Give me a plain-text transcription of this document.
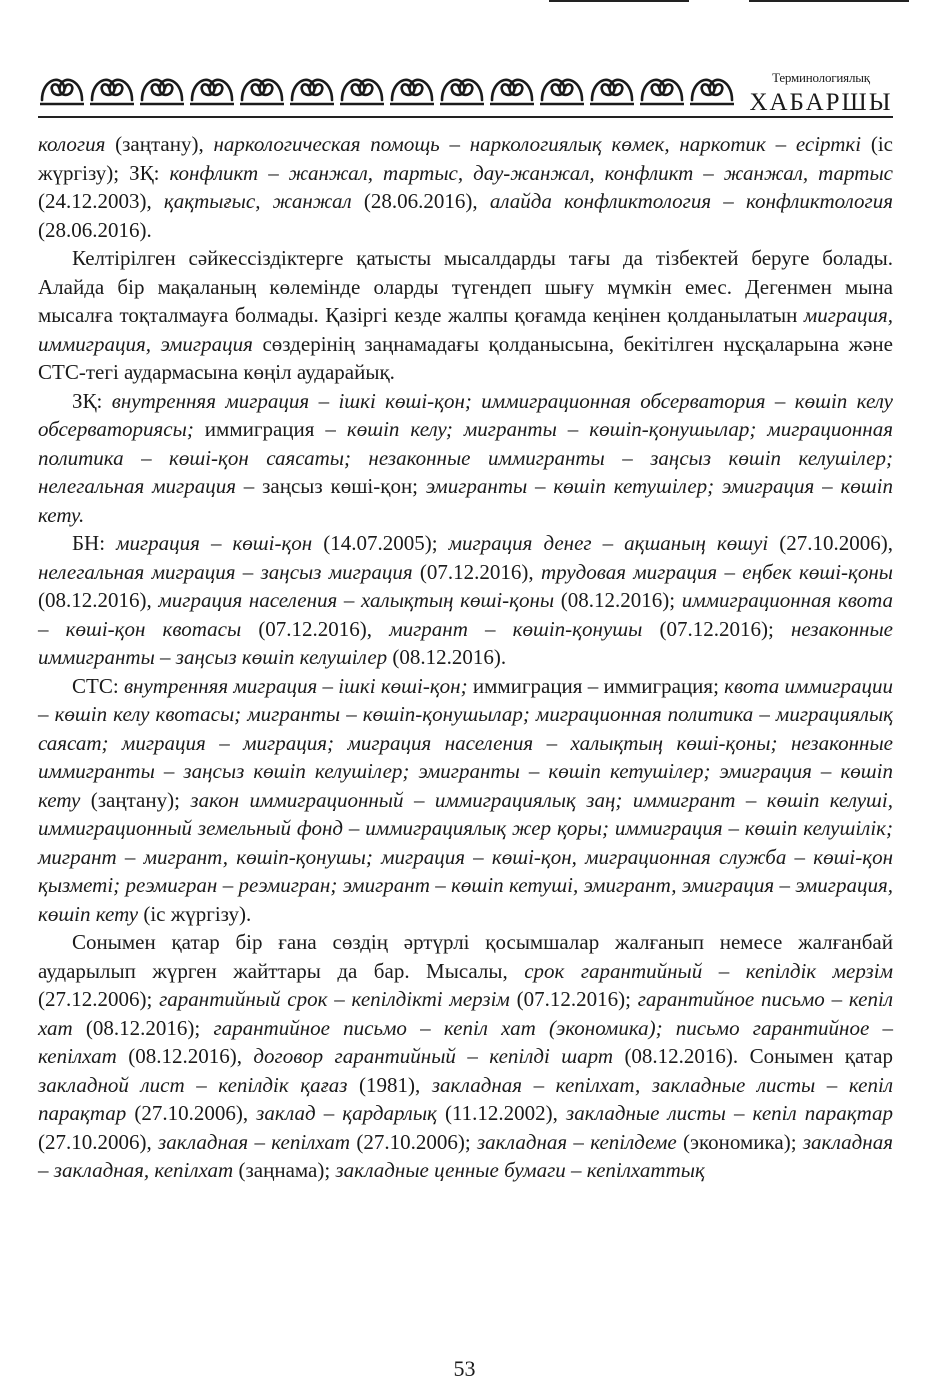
Терминологиялық
ХАБАРШЫ

кология (заңтану), наркологическая помощь – наркологиялық көмек, наркотик – есірткі (іс жүргізу); ЗҚ: конфликт – жанжал, тартыс, дау-жанжал, конфликт – жанжал, тартыс (24.12.2003), қақтығыс, жанжал (28.06.2016), алайда конфликтология – конфликтология (28.06.2016).

Келтірілген сәйкессіздіктерге қатысты мысалдарды тағы да тізбектей беруге болады. Алайда бір мақаланың көлемінде оларды түгендеп шығу мүмкін емес. Дегенмен мына мысалға тоқталмауға болмады. Қазіргі кезде жалпы қоғамда кеңінен қолданылатын миграция, иммиграция, эмиграция сөздерінің заңнамадағы қолданысына, бекітілген нұсқаларына және СТС-тегі аудармасына көңіл аударайық.

ЗҚ: внутренняя миграция – ішкі көші-қон; иммиграционная обсерватория – көшіп келу обсерваториясы; иммиграция – көшіп келу; мигранты – көшіп-қонушылар; миграционная политика – көші-қон саясаты; незаконные иммигранты – заңсыз көшіп келушілер; нелегальная миграция – заңсыз көші-қон; эмигранты – көшіп кетушілер; эмиграция – көшіп кету.

БН: миграция – көші-қон (14.07.2005); миграция денег – ақшаның көшуі (27.10.2006), нелегальная миграция – заңсыз миграция (07.12.2016), трудовая миграция – еңбек көші-қоны (08.12.2016), миграция населения – халықтың көші-қоны (08.12.2016); иммиграционная квота – көші-қон квотасы (07.12.2016), мигрант – көшіп-қонушы (07.12.2016); незаконные иммигранты – заңсыз көшіп келушілер (08.12.2016).

СТС: внутренняя миграция – ішкі көші-қон; иммиграция – иммиграция; квота иммиграции – көшіп келу квотасы; мигранты – көшіп-қонушылар; миграционная политика – миграциялық саясат; миграция – миграция; миграция населения – халықтың көші-қоны; незаконные иммигранты – заңсыз көшіп келушілер; эмигранты – көшіп кетушілер; эмиграция – көшіп кету (заңтану); закон иммиграционный – иммиграциялық заң; иммигрант – көшіп келуші, иммиграционный земельный фонд – иммиграциялық жер қоры; иммиграция – көшіп келушілік; мигрант – мигрант, көшіп-қонушы; миграция – көші-қон, миграционная служба – көші-қон қызметі; реэмигран – реэмигран; эмигрант – көшіп кетуші, эмигрант, эмиграция – эмиграция, көшіп кету (іс жүргізу).

Сонымен қатар бір ғана сөздің әртүрлі қосымшалар жалғанып немесе жалғанбай аударылып жүрген жайттары да бар. Мысалы, срок гарантийный – кепілдік мерзім (27.12.2006); гарантийный срок – кепілдікті мерзім (07.12.2016); гарантийное письмо – кепіл хат (08.12.2016); гарантийное письмо – кепіл хат (экономика); письмо гарантийное – кепілхат (08.12.2016), договор гарантийный – кепілді шарт (08.12.2016). Сонымен қатар закладной лист – кепілдік қағаз (1981), закладная – кепілхат, закладные листы – кепіл парақтар (27.10.2006), заклад – қардарлық (11.12.2002), закладные листы – кепіл парақтар (27.10.2006), закладная – кепілхат (27.10.2006); закладная – кепілдеме (экономика); закладная – закладная, кепілхат (заңнама); закладные ценные бумаги – кепілхаттық

53
